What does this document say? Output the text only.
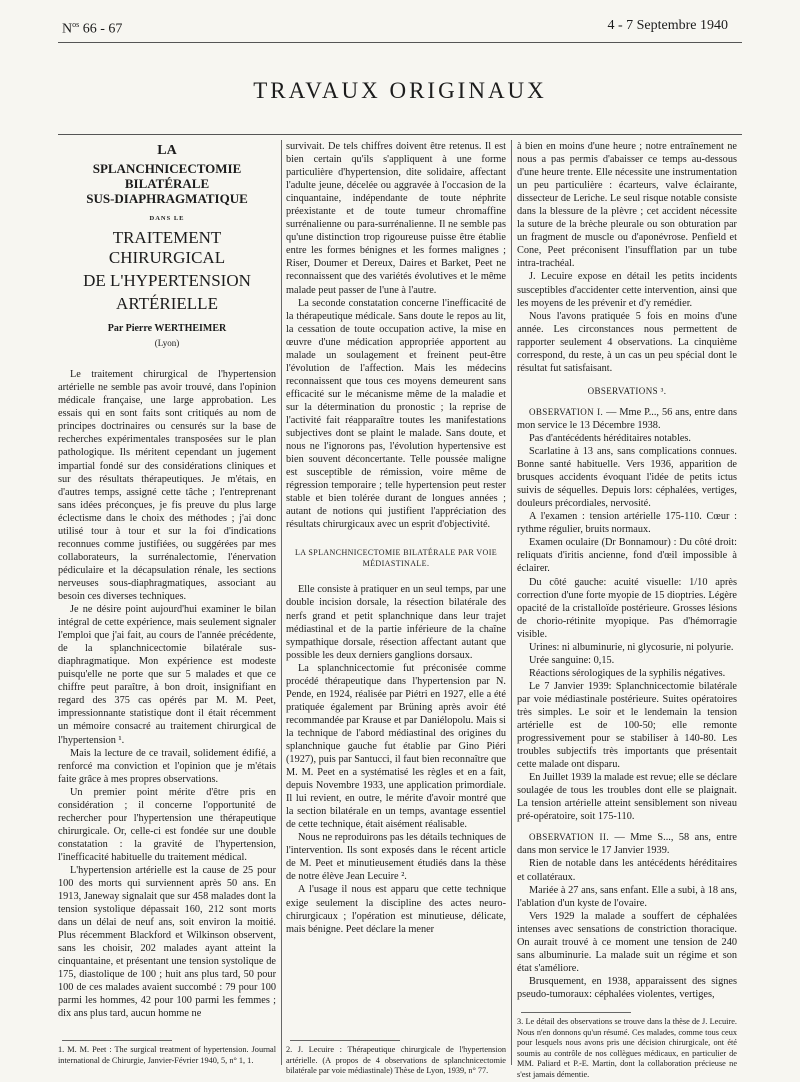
$N^{os}$ 66 - 67	4 - 7 Septembre 1940
TRAVAUX ORIGINAUX
LA
SPLANCHNICECTOMIE BILATÉRALE
SUS-DIAPHRAGMATIQUE
DANS LE
TRAITEMENT CHIRURGICAL
DE L'HYPERTENSION
ARTÉRIELLE
Par Pierre WERTHEIMER
(Lyon)

Le traitement chirurgical de l'hypertension artérielle ne semble pas avoir trouvé, dans l'opinion médicale française, une large approbation. Les essais qui en sont faits sont critiqués au nom de principes doctrinaires ou censurés sur la base de recherches expérimentales transposées sur le plan pathologique. Ils méritent cependant un jugement impartial fondé sur des considérations cliniques et sur des résultats thérapeutiques. Je m'étais, en d'autres temps, assigné cette tâche ; l'entreprenant sans idées préconçues, je fis preuve du plus large éclectisme dans le choix des méthodes ; j'ai donc utilisé tour à tour et sur la foi d'indications reconnues comme justifiées, ou suggérées par mes collaborateurs, la surrénalectomie, l'énervation pédiculaire et la décapsulation rénale, les sections nerveuses sous-diaphragmatiques, associant au besoin ces diverses techniques.

Je ne désire point aujourd'hui examiner le bilan intégral de cette expérience, mais seulement signaler l'emploi que j'ai fait, au cours de l'année précédente, de la splanchnicectomie bilatérale sus-diaphragmatique. Mon expérience est modeste puisqu'elle ne porte que sur 5 malades et que ce chiffre peut paraître, à bon droit, insignifiant en regard des 375 cas opérés par M. M. Peet, impressionnante statistique dont il était récemment un mémoire consacré au traitement chirurgical de l'hypertension ¹.

Mais la lecture de ce travail, solidement édifié, a renforcé ma conviction et l'opinion que je m'étais faite grâce à mes propres observations.

Un premier point mérite d'être pris en considération ; il concerne l'opportunité de rechercher pour l'hypertension une thérapeutique chirurgicale. Or, celle-ci est fondée sur une double constatation : la gravité de l'hypertension, l'inefficacité habituelle du traitement médical.

L'hypertension artérielle est la cause de 25 pour 100 des morts qui surviennent après 50 ans. En 1913, Janeway signalait que sur 458 malades dont la tension systolique dépassait 160, 212 sont morts dans un délai de neuf ans, soit environ la moitié. Plus récemment Blackford et Wilkinson observent, sans les choisir, 202 malades ayant atteint la cinquantaine, et présentant une tension systolique de 175, diastolique de 100 ; huit ans plus tard, 50 pour 100 de ces malades avaient succombé : 79 pour 100 parmi les hommes, 42 pour 100 parmi les femmes ; dix ans plus tard, aucun homme ne

survivait. De tels chiffres doivent être retenus. Il est bien certain qu'ils s'appliquent à une forme particulière d'hypertension, dite solidaire, affectant l'adulte jeune, décelée ou aggravée à l'occasion de la cinquantaine, indépendante de toute néphrite préexistante et de toute tumeur chromaffine surrénalienne ou para-surrénalienne. Il ne semble pas qu'une distinction trop rigoureuse puisse être établie entre les formes bénignes et les formes malignes ; Riser, Doumer et Dereux, Daires et Barket, Peet ne reconnaissent que des variétés évolutives et le même malade peut passer de l'une à l'autre.

La seconde constatation concerne l'inefficacité de la thérapeutique médicale. Sans doute le repos au lit, la cessation de toute occupation active, la mise en œuvre d'une médication appropriée apportent au malade un soulagement et freinent peut-être l'évolution de l'affection. Mais les médecins reconnaissent que tous ces moyens demeurent sans efficacité sur le mécanisme même de la maladie et sur la détermination du pronostic ; la reprise de l'activité fait réapparaître toutes les manifestations subjectives dont se plaint le malade. Sans doute, et nous ne l'ignorons pas, l'évolution hypertensive est bien souvent déconcertante. Telle poussée maligne est susceptible de rémission, voire même de régression temporaire ; telle hypertension peut rester stable et bien tolérée durant de longues années ; autant de notions qui justifient l'appréciation des résultats chirurgicaux avec un esprit d'objectivité.

LA SPLANCHNICECTOMIE BILATÉRALE PAR VOIE MÉDIASTINALE.

Elle consiste à pratiquer en un seul temps, par une double incision dorsale, la résection bilatérale des nerfs grand et petit splanchnique dans leur trajet médiastinal et de la partie inférieure de la chaîne sympathique dorsale, résection affectant autant que possible les deux derniers ganglions dorsaux.

La splanchnicectomie fut préconisée comme procédé thérapeutique dans l'hypertension par N. Pende, en 1924, réalisée par Piétri en 1927, elle a été pratiquée également par Brüning après avoir été recommandée par Krause et par Daniélopolu. Mais si la technique de l'abord médiastinal des origines du splanchnique gauche fut établie par Gino Piéri (1927), puis par Santucci, il faut bien reconnaître que M. M. Peet en a systématisé les règles et en a fait, depuis Novembre 1933, une application primordiale. Il lui revient, en outre, le mérite d'avoir montré que la section bilatérale en un temps, avantage essentiel de cette technique, était aisément réalisable.

Nous ne reproduirons pas les détails techniques de l'intervention. Ils sont exposés dans le récent article de M. Peet et minutieusement étudiés dans la thèse de notre élève Jean Lecuire ².

A l'usage il nous est apparu que cette technique exige seulement la discipline des actes neuro-chirurgicaux ; l'opération est minutieuse, délicate, mais bénigne. Peet déclare la mener

à bien en moins d'une heure ; notre entraînement ne nous a pas permis d'abaisser ce temps au-dessous d'une heure trente. Elle nécessite une instrumentation un peu particulière : écarteurs, valve éclairante, dissecteur de Leriche. Le seul risque notable consiste dans la blessure de la plèvre ; cet accident nécessite la suture de la brèche pleurale ou son obturation par un fragment de muscle ou d'aponévrose. Penfield et Cone, Peet préconisent l'insufflation par un tube intra-trachéal.

J. Lecuire expose en détail les petits incidents susceptibles d'accidenter cette intervention, ainsi que les moyens de les prévenir et d'y remédier.

Nous l'avons pratiquée 5 fois en moins d'une année. Les circonstances nous permettent de rapporter seulement 4 observations. La cinquième correspond, du reste, à un cas un peu spécial dont le résultat fut satisfaisant.

OBSERVATIONS ³.

OBSERVATION I. — Mme P..., 56 ans, entre dans mon service le 13 Décembre 1938.

Pas d'antécédents héréditaires notables.

Scarlatine à 13 ans, sans complications connues. Bonne santé habituelle. Vers 1936, apparition de brusques accidents évoquant l'idée de petits ictus suivis de séquelles. Depuis lors: céphalées, vertiges, douleurs précordiales, nervosité.

A l'examen : tension artérielle 175-110. Cœur : rythme régulier, bruits normaux.

Examen oculaire (Dr Bonnamour) : Du côté droit: reliquats d'iritis ancienne, fond d'œil impossible à éclairer.

Du côté gauche: acuité visuelle: 1/10 après correction d'une forte myopie de 15 dioptries. Légère opacité de la cristalloïde postérieure. Grosses lésions de chorio-rétinite myopique. Pas d'hémorragie visible.

Urines: ni albuminurie, ni glycosurie, ni polyurie.

Urée sanguine: 0,15.

Réactions sérologiques de la syphilis négatives.

Le 7 Janvier 1939: Splanchnicectomie bilatérale par voie médiastinale postérieure. Suites opératoires très simples. Le soir et le lendemain la tension artérielle est de 100-50; elle remonte progressivement pour se stabiliser à 140-80. Les troubles subjectifs très importants que présentait cette malade ont disparu.

En Juillet 1939 la malade est revue; elle se déclare soulagée de tous les troubles dont elle se plaignait. La tension artérielle atteint sensiblement son niveau pré-opératoire, soit 175-110.

OBSERVATION II. — Mme S..., 58 ans, entre dans mon service le 17 Janvier 1939.

Rien de notable dans les antécédents héréditaires et collatéraux.

Mariée à 27 ans, sans enfant. Elle a subi, à 18 ans, l'ablation d'un kyste de l'ovaire.

Vers 1929 la malade a souffert de céphalées intenses avec sensations de constriction thoracique. On aurait trouvé à ce moment une tension de 240 sans albuminurie. La malade suit un régime et son état s'améliore.

Brusquement, en 1938, apparaissent des signes pseudo-tumoraux: céphalées violentes, vertiges,

1. M. M. Peet : The surgical treatment of hypertension. Journal international de Chirurgie, Janvier-Février 1940, 5, n° 1, 1.
2. J. Lecuire : Thérapeutique chirurgicale de l'hypertension artérielle. (A propos de 4 observations de splanchnicectomie bilatérale par voie médiastinale) Thèse de Lyon, 1939, n° 77.
3. Le détail des observations se trouve dans la thèse de J. Lecuire. Nous n'en donnons qu'un résumé. Ces malades, comme tous ceux pour lesquels nous avons pris une décision chirurgicale, ont été soumis au contrôle de nos collègues médicaux, en particulier de MM. Paliard et P.-E. Martin, dont la collaboration précieuse ne s'est jamais démentie.
